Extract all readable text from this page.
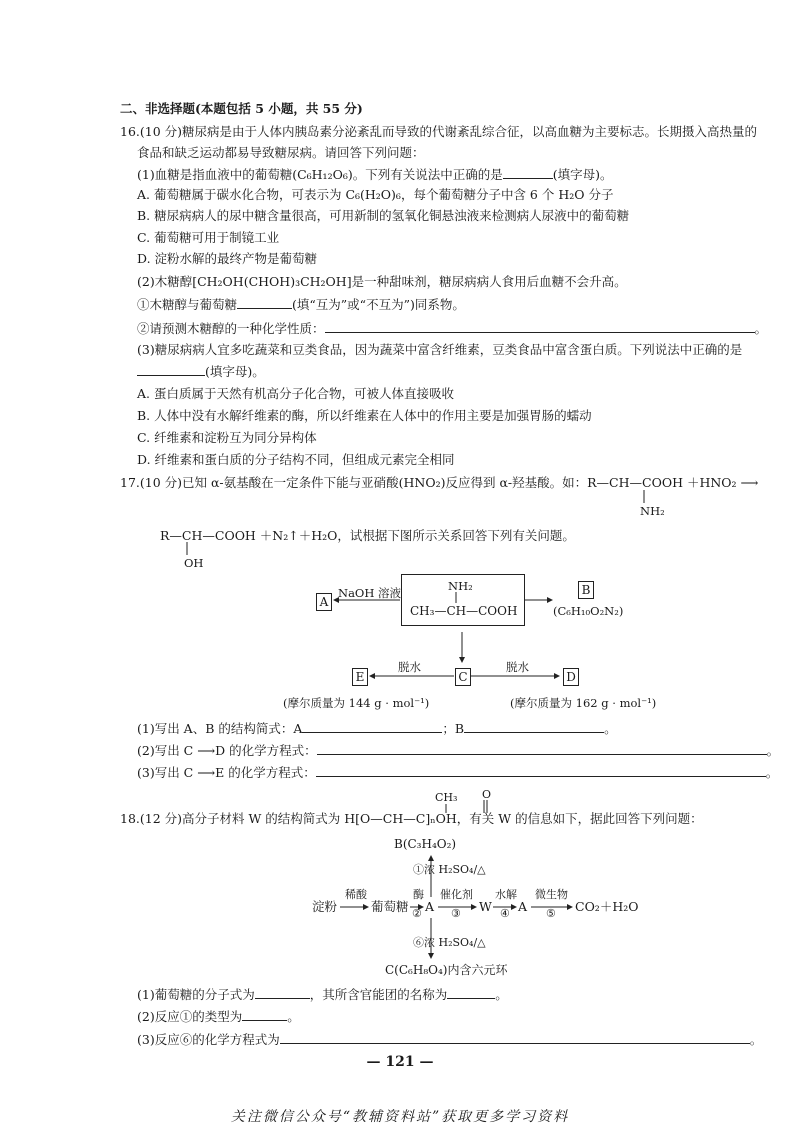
二、非选择题(本题包括 5 小题，共 55 分)
16.(10 分)糖尿病是由于人体内胰岛素分泌紊乱而导致的代谢紊乱综合征，以高血糖为主要标志。长期摄入高热量的
食品和缺乏运动都易导致糖尿病。请回答下列问题：
(1)血糖是指血液中的葡萄糖(C₆H₁₂O₆)。下列有关说法中正确的是	(填字母)。
A. 葡萄糖属于碳水化合物，可表示为 C₆(H₂O)₆，每个葡萄糖分子中含 6 个 H₂O 分子
B. 糖尿病病人的尿中糖含量很高，可用新制的氢氧化铜悬浊液来检测病人尿液中的葡萄糖
C. 葡萄糖可用于制镜工业
D. 淀粉水解的最终产物是葡萄糖
(2)木糖醇[CH₂OH(CHOH)₃CH₂OH]是一种甜味剂，糖尿病病人食用后血糖不会升高。
①木糖醇与葡萄糖	(填“互为”或“不互为”)同系物。
②请预测木糖醇的一种化学性质：	。
(3)糖尿病病人宜多吃蔬菜和豆类食品，因为蔬菜中富含纤维素，豆类食品中富含蛋白质。下列说法中正确的是
(填字母)。
A. 蛋白质属于天然有机高分子化合物，可被人体直接吸收
B. 人体中没有水解纤维素的酶，所以纤维素在人体中的作用主要是加强胃肠的蠕动
C. 纤维素和淀粉互为同分异构体
D. 纤维素和蛋白质的分子结构不同，但组成元素完全相同
17.(10 分)已知 α-氨基酸在一定条件下能与亚硝酸(HNO₂)反应得到 α-羟基酸。如：R—CH—COOH ＋HNO₂ ⟶
NH₂
R—CH—COOH ＋N₂↑＋H₂O，试根据下图所示关系回答下列有关问题。
OH
A
NaOH 溶液	NH₂
CH₃—CH—COOH
B
(C₆H₁₀O₂N₂)
C
E	D
脱水	脱水
(摩尔质量为 144 g · mol⁻¹)	(摩尔质量为 162 g · mol⁻¹)
(1)写出 A、B 的结构简式：A	；B	。
(2)写出 C ⟶D 的化学方程式：	。
(3)写出 C ⟶E 的化学方程式：	。
CH₃ O
18.(12 分)高分子材料 W 的结构简式为 H[O—CH—C]ₙOH，有关 W 的信息如下，据此回答下列问题：
B(C₃H₄O₂)
①浓 H₂SO₄/△
淀粉
稀酸
葡萄糖
酶
② A
催化剂
③ W
水解
④ A
微生物
⑤ CO₂＋H₂O
⑥浓 H₂SO₄/△
C(C₆H₈O₄)内含六元环
(1)葡萄糖的分子式为	，其所含官能团的名称为	。
(2)反应①的类型为	。
(3)反应⑥的化学方程式为	。
— 121 —
关注微信公众号“教辅资料站”获取更多学习资料
